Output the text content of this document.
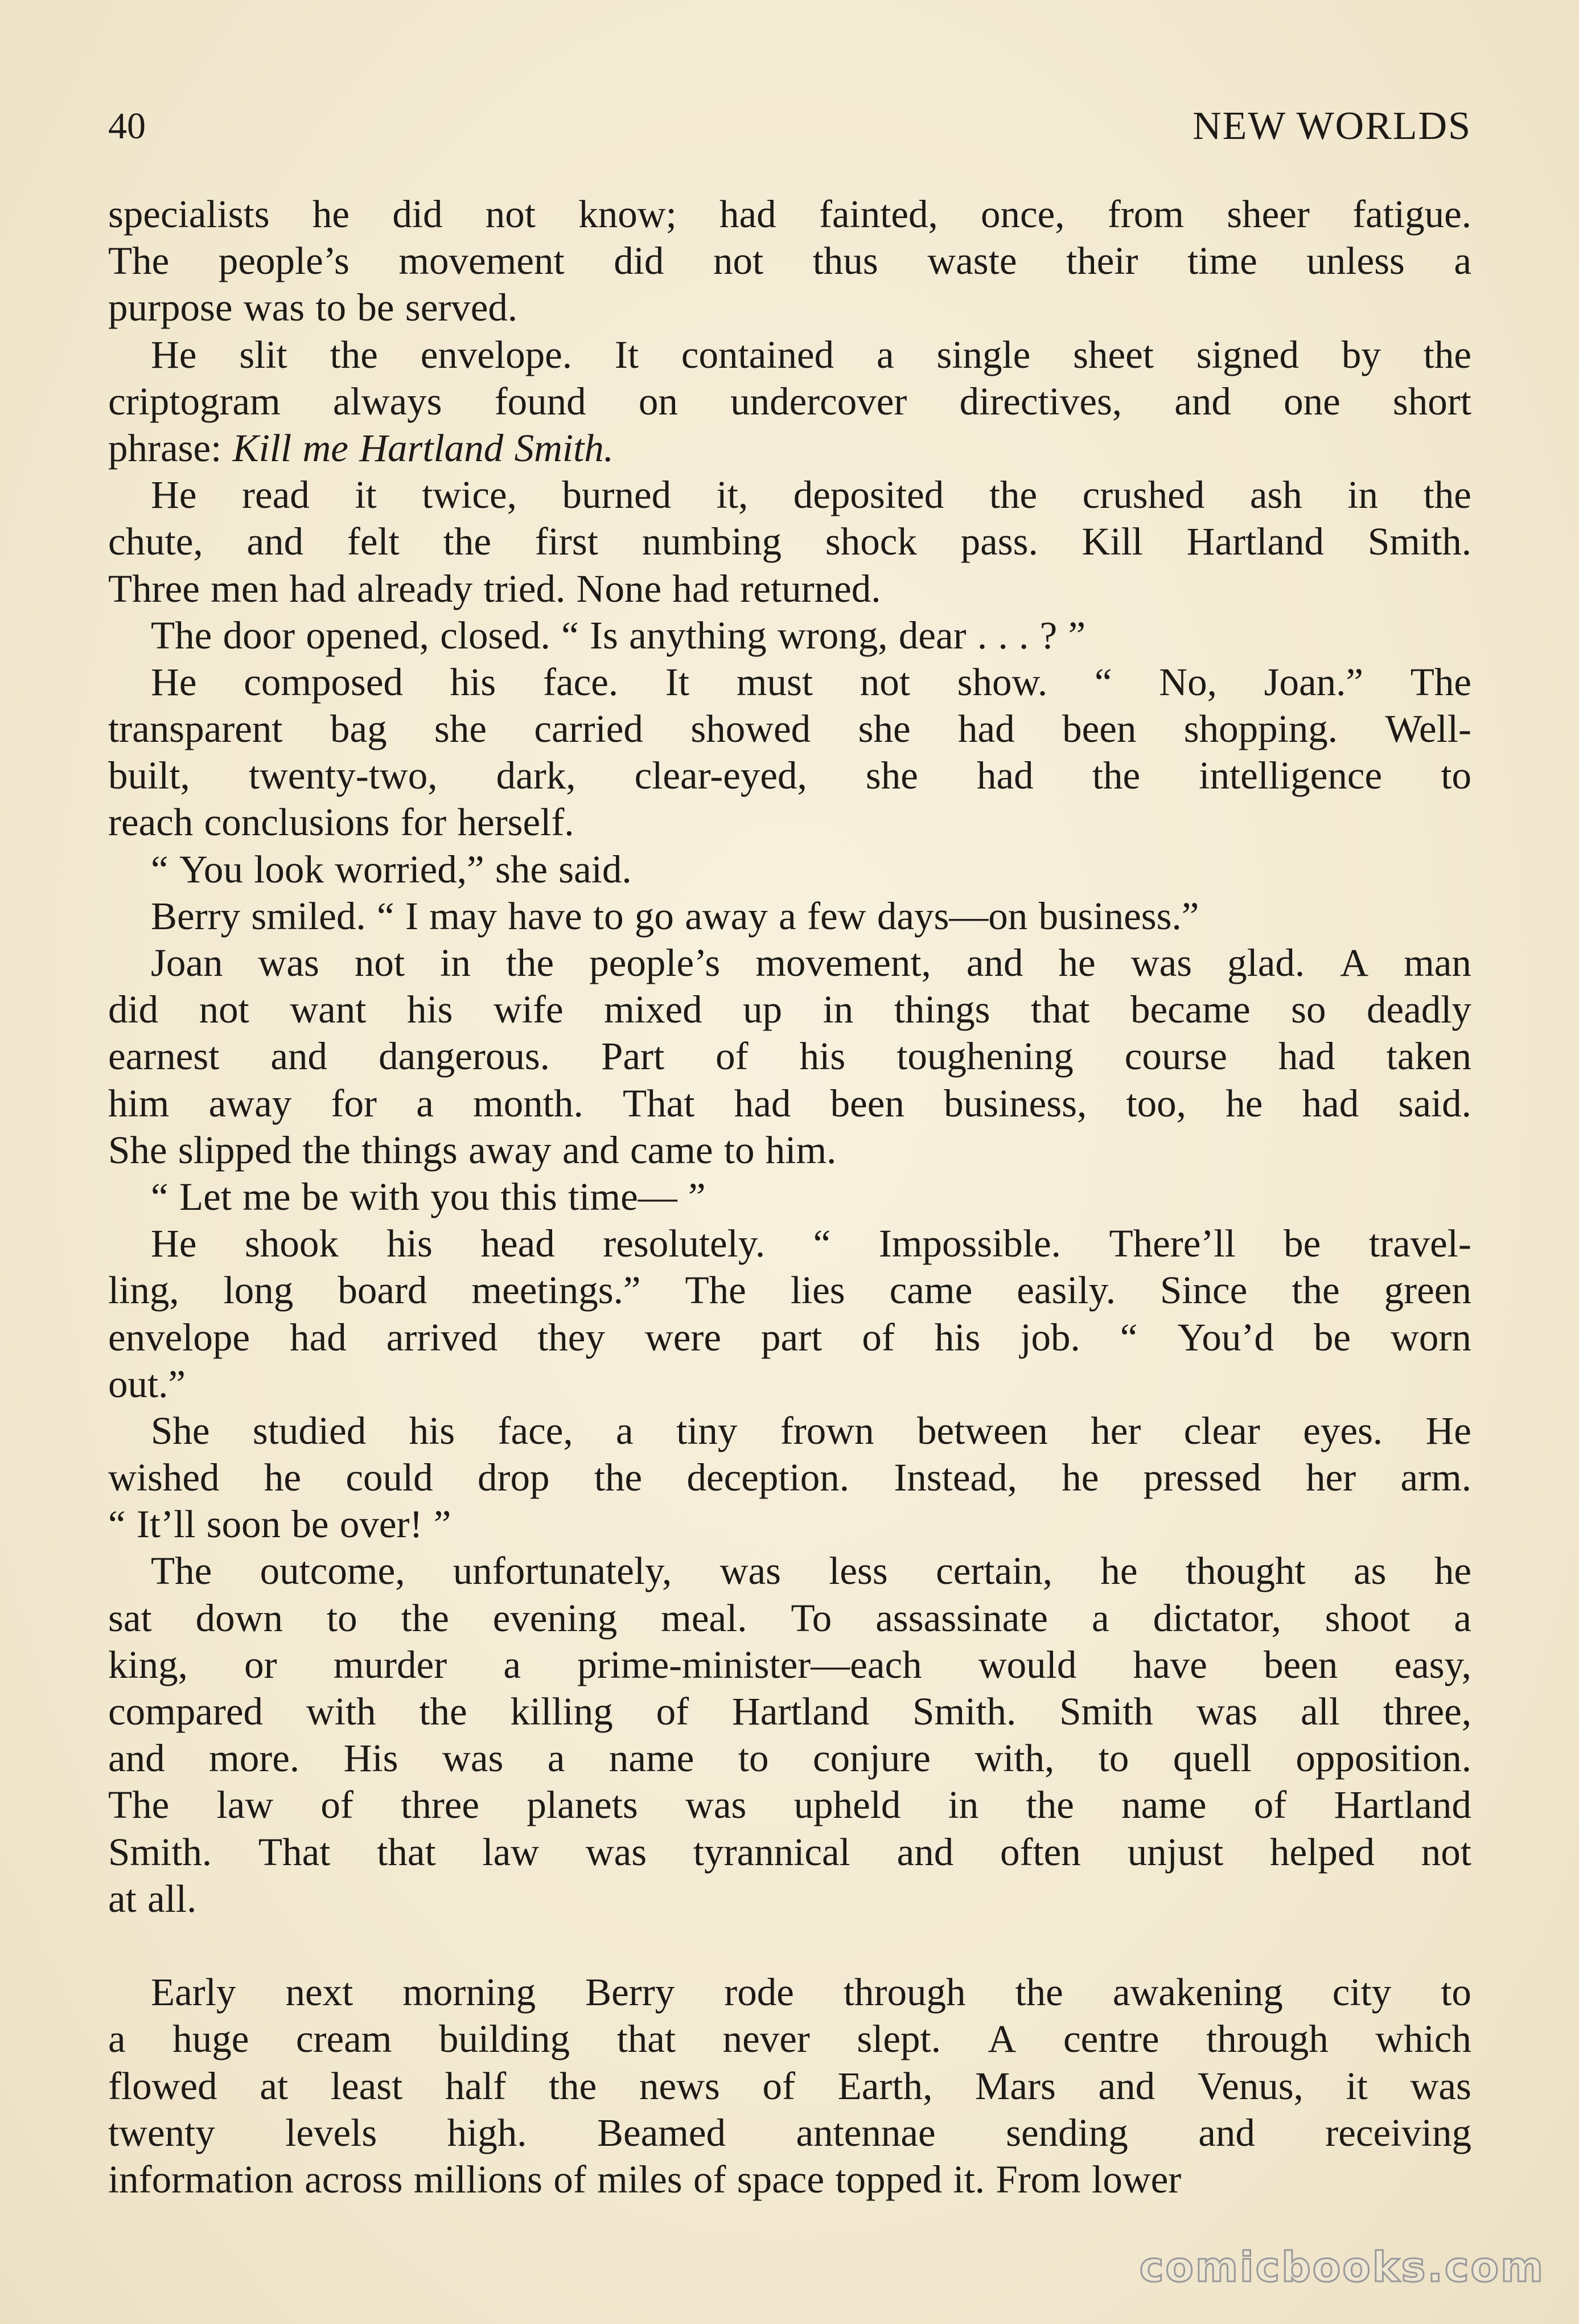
40	NEW WORLDS
specialists he did not know; had fainted, once, from sheer fatigue.
The people’s movement did not thus waste their time unless a
purpose was to be served.
He slit the envelope. It contained a single sheet signed by the
criptogram always found on undercover directives, and one short
phrase: Kill me Hartland Smith.
He read it twice, burned it, deposited the crushed ash in the
chute, and felt the first numbing shock pass. Kill Hartland Smith.
Three men had already tried. None had returned.
The door opened, closed. “ Is anything wrong, dear . . . ? ”
He composed his face. It must not show. “ No, Joan.” The
transparent bag she carried showed she had been shopping. Well-
built, twenty-two, dark, clear-eyed, she had the intelligence to
reach conclusions for herself.
“ You look worried,” she said.
Berry smiled. “ I may have to go away a few days—on business.”
Joan was not in the people’s movement, and he was glad. A man
did not want his wife mixed up in things that became so deadly
earnest and dangerous. Part of his toughening course had taken
him away for a month. That had been business, too, he had said.
She slipped the things away and came to him.
“ Let me be with you this time— ”
He shook his head resolutely. “ Impossible. There’ll be travel-
ling, long board meetings.” The lies came easily. Since the green
envelope had arrived they were part of his job. “ You’d be worn
out.”
She studied his face, a tiny frown between her clear eyes. He
wished he could drop the deception. Instead, he pressed her arm.
“ It’ll soon be over! ”
The outcome, unfortunately, was less certain, he thought as he
sat down to the evening meal. To assassinate a dictator, shoot a
king, or murder a prime-minister—each would have been easy,
compared with the killing of Hartland Smith. Smith was all three,
and more. His was a name to conjure with, to quell opposition.
The law of three planets was upheld in the name of Hartland
Smith. That that law was tyrannical and often unjust helped not
at all.
Early next morning Berry rode through the awakening city to
a huge cream building that never slept. A centre through which
flowed at least half the news of Earth, Mars and Venus, it was
twenty levels high. Beamed antennae sending and receiving
information across millions of miles of space topped it. From lower
comicbooks.com
